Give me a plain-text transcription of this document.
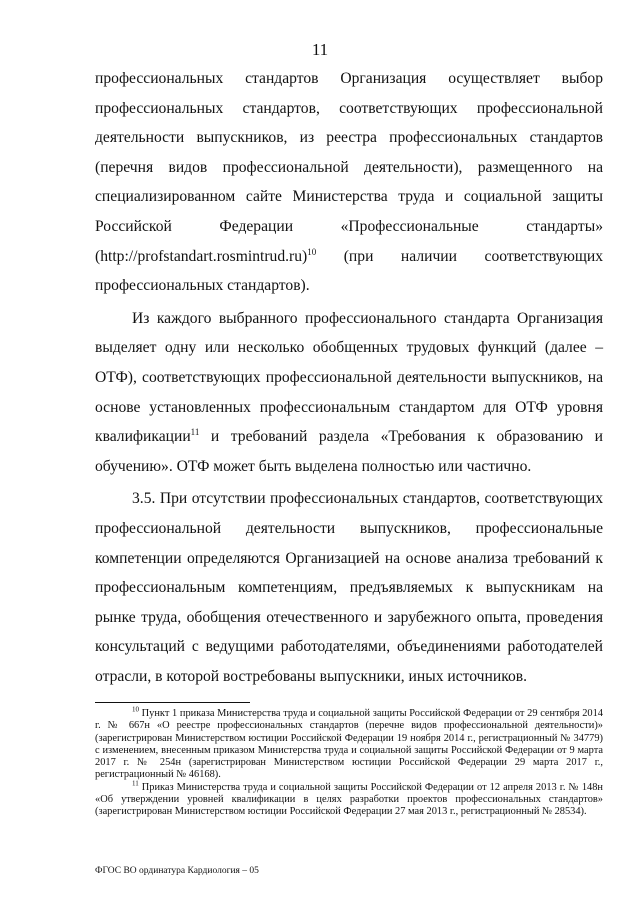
11

профессиональных стандартов Организация осуществляет выбор профессиональных стандартов, соответствующих профессиональной деятельности выпускников, из реестра профессиональных стандартов (перечня видов профессиональной деятельности), размещенного на специализированном сайте Министерства труда и социальной защиты Российской Федерации «Профессиональные стандарты» (http://profstandart.rosmintrud.ru)$^{10}$ (при наличии соответствующих профессиональных стандартов).

Из каждого выбранного профессионального стандарта Организация выделяет одну или несколько обобщенных трудовых функций (далее – ОТФ), соответствующих профессиональной деятельности выпускников, на основе установленных профессиональным стандартом для ОТФ уровня квалификации$^{11}$ и требований раздела «Требования к образованию и обучению». ОТФ может быть выделена полностью или частично.

3.5. При отсутствии профессиональных стандартов, соответствующих профессиональной деятельности выпускников, профессиональные компетенции определяются Организацией на основе анализа требований к профессиональным компетенциям, предъявляемых к выпускникам на рынке труда, обобщения отечественного и зарубежного опыта, проведения консультаций с ведущими работодателями, объединениями работодателей отрасли, в которой востребованы выпускники, иных источников.

$^{10}$ Пункт 1 приказа Министерства труда и социальной защиты Российской Федерации от 29 сентября 2014 г. № 667н «О реестре профессиональных стандартов (перечне видов профессиональной деятельности)» (зарегистрирован Министерством юстиции Российской Федерации 19 ноября 2014 г., регистрационный № 34779) с изменением, внесенным приказом Министерства труда и социальной защиты Российской Федерации от 9 марта 2017 г. № 254н (зарегистрирован Министерством юстиции Российской Федерации 29 марта 2017 г., регистрационный № 46168).

$^{11}$ Приказ Министерства труда и социальной защиты Российской Федерации от 12 апреля 2013 г. № 148н «Об утверждении уровней квалификации в целях разработки проектов профессиональных стандартов» (зарегистрирован Министерством юстиции Российской Федерации 27 мая 2013 г., регистрационный № 28534).

ФГОС ВО ординатура Кардиология – 05
